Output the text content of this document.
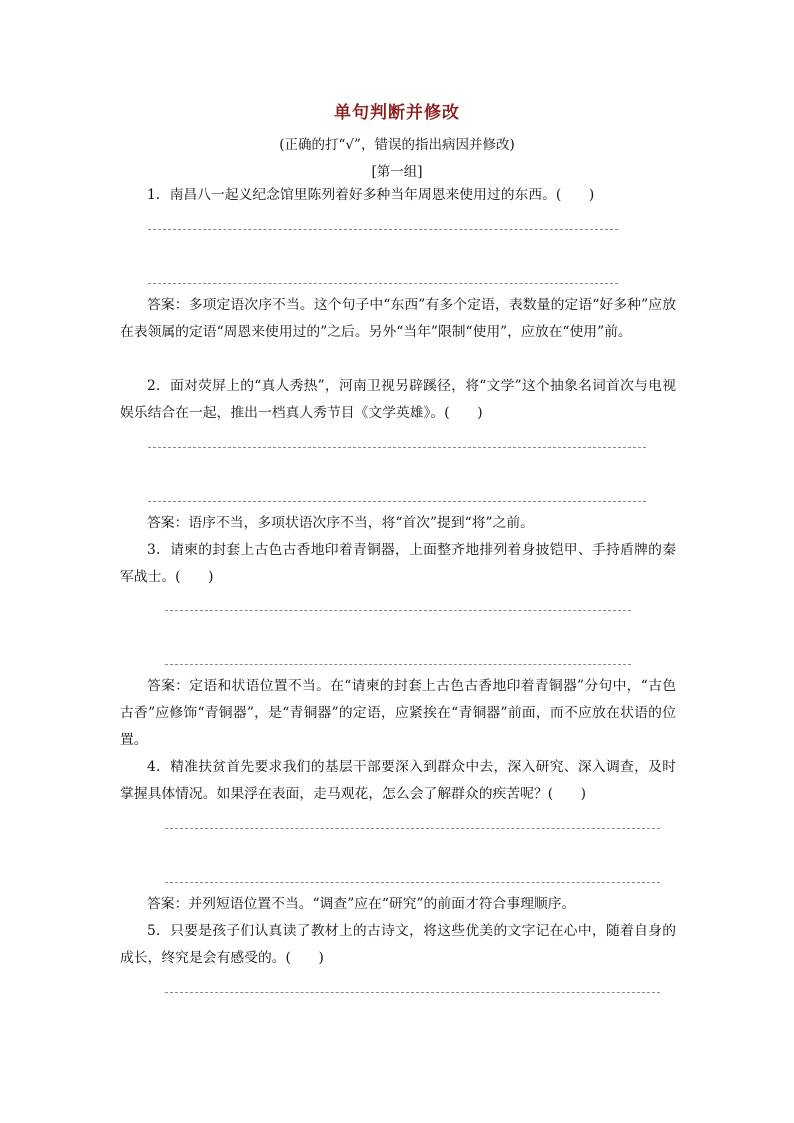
单句判断并修改
(正确的打“√”，错误的指出病因并修改)
[第一组]
1．南昌八一起义纪念馆里陈列着好多种当年周恩来使用过的东西。(　　)
答案：多项定语次序不当。这个句子中“东西”有多个定语，表数量的定语“好多种”应放在表领属的定语“周恩来使用过的”之后。另外“当年”限制“使用”，应放在“使用”前。
2．面对荧屏上的“真人秀热”，河南卫视另辟蹊径，将“文学”这个抽象名词首次与电视娱乐结合在一起，推出一档真人秀节目《文学英雄》。(　　)
答案：语序不当，多项状语次序不当，将“首次”提到“将”之前。
3．请柬的封套上古色古香地印着青铜器，上面整齐地排列着身披铠甲、手持盾牌的秦军战士。(　　)
答案：定语和状语位置不当。在“请柬的封套上古色古香地印着青铜器”分句中，“古色古香”应修饰“青铜器”，是“青铜器”的定语，应紧挨在“青铜器”前面，而不应放在状语的位置。
4．精准扶贫首先要求我们的基层干部要深入到群众中去，深入研究、深入调查，及时掌握具体情况。如果浮在表面，走马观花，怎么会了解群众的疾苦呢？(　　)
答案：并列短语位置不当。“调查”应在“研究”的前面才符合事理顺序。
5．只要是孩子们认真读了教材上的古诗文，将这些优美的文字记在心中，随着自身的成长，终究是会有感受的。(　　)
